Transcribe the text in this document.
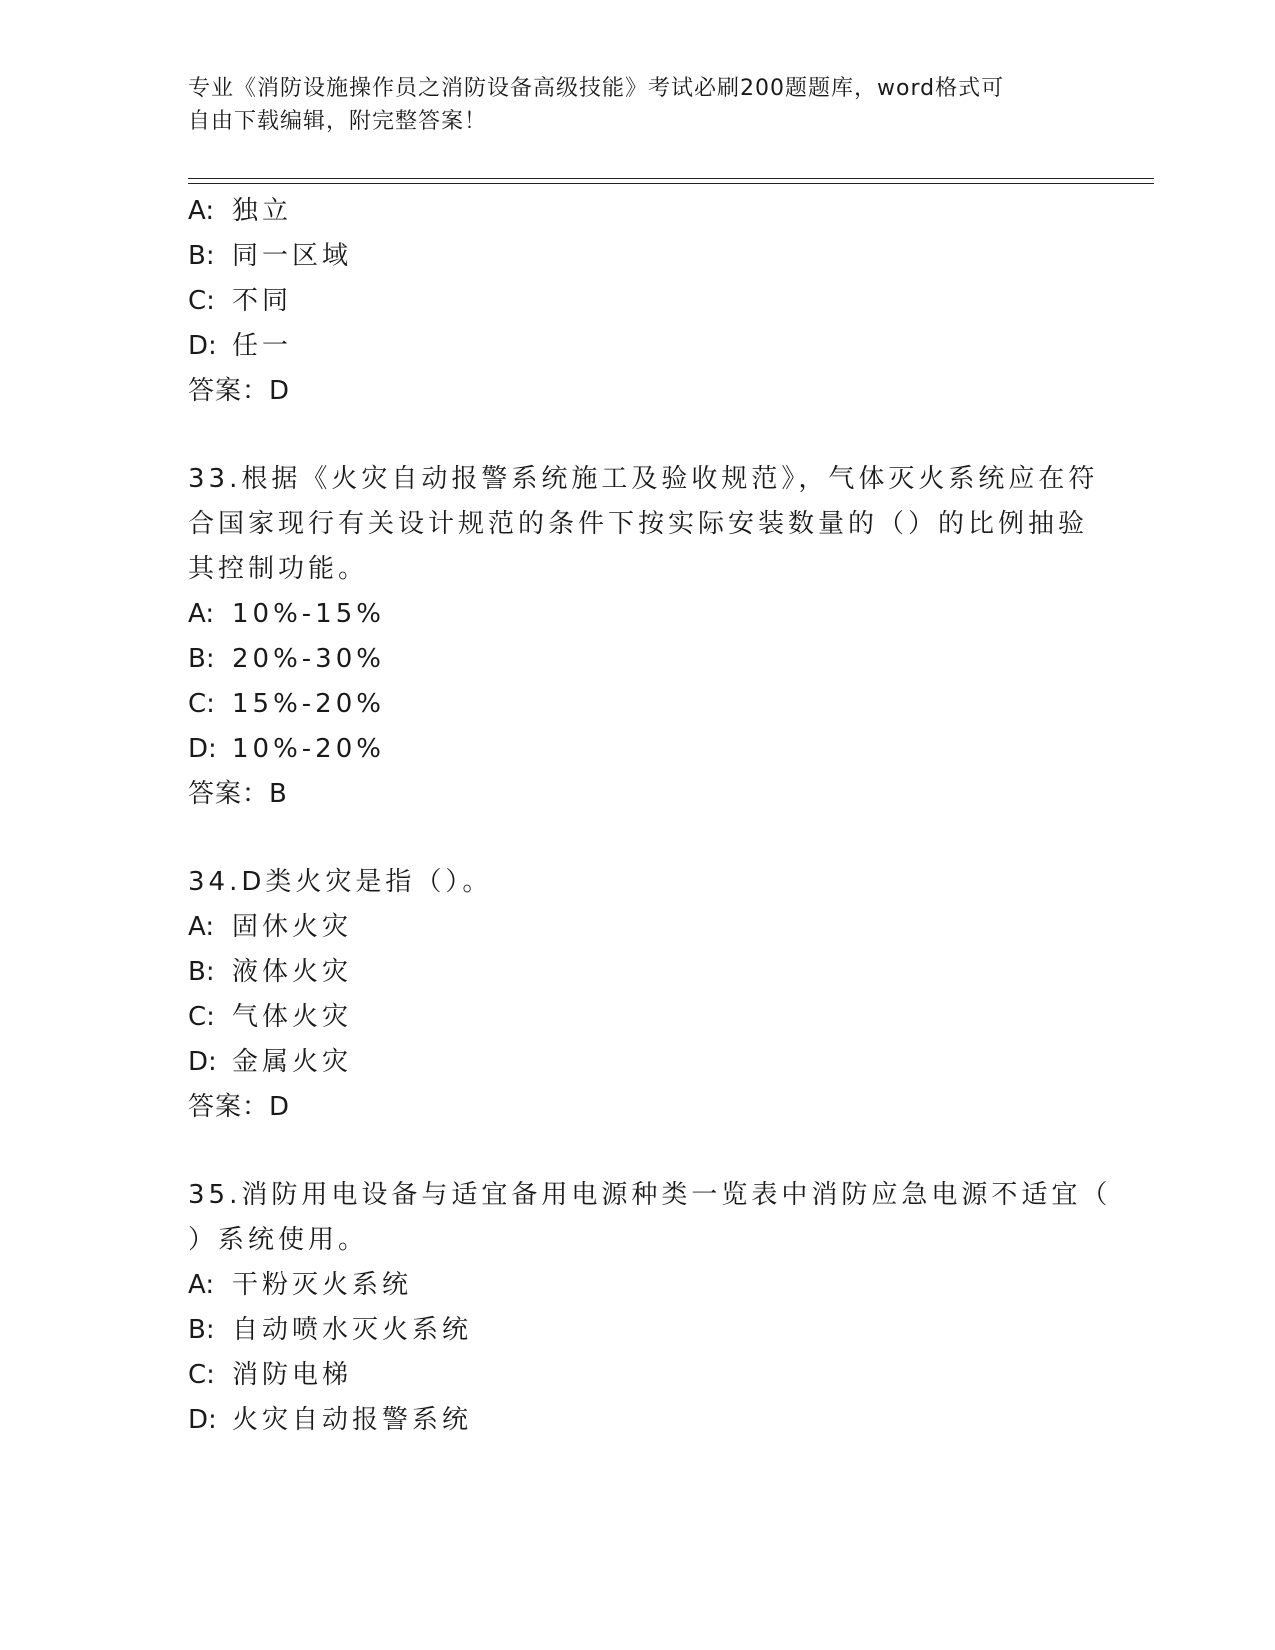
专业《消防设施操作员之消防设备高级技能》考试必刷200题题库，word格式可
自由下载编辑，附完整答案！
A: 独立
B: 同一区域
C: 不同
D: 任一
答案：D
33.根据《火灾自动报警系统施工及验收规范》，气体灭火系统应在符
合国家现行有关设计规范的条件下按实际安装数量的（）的比例抽验
其控制功能。
A: 10%-15%
B: 20%-30%
C: 15%-20%
D: 10%-20%
答案：B
34.D类火灾是指（）。
A: 固休火灾
B: 液体火灾
C: 气体火灾
D: 金属火灾
答案：D
35.消防用电设备与适宜备用电源种类一览表中消防应急电源不适宜（
）系统使用。
A: 干粉灭火系统
B: 自动喷水灭火系统
C: 消防电梯
D: 火灾自动报警系统
